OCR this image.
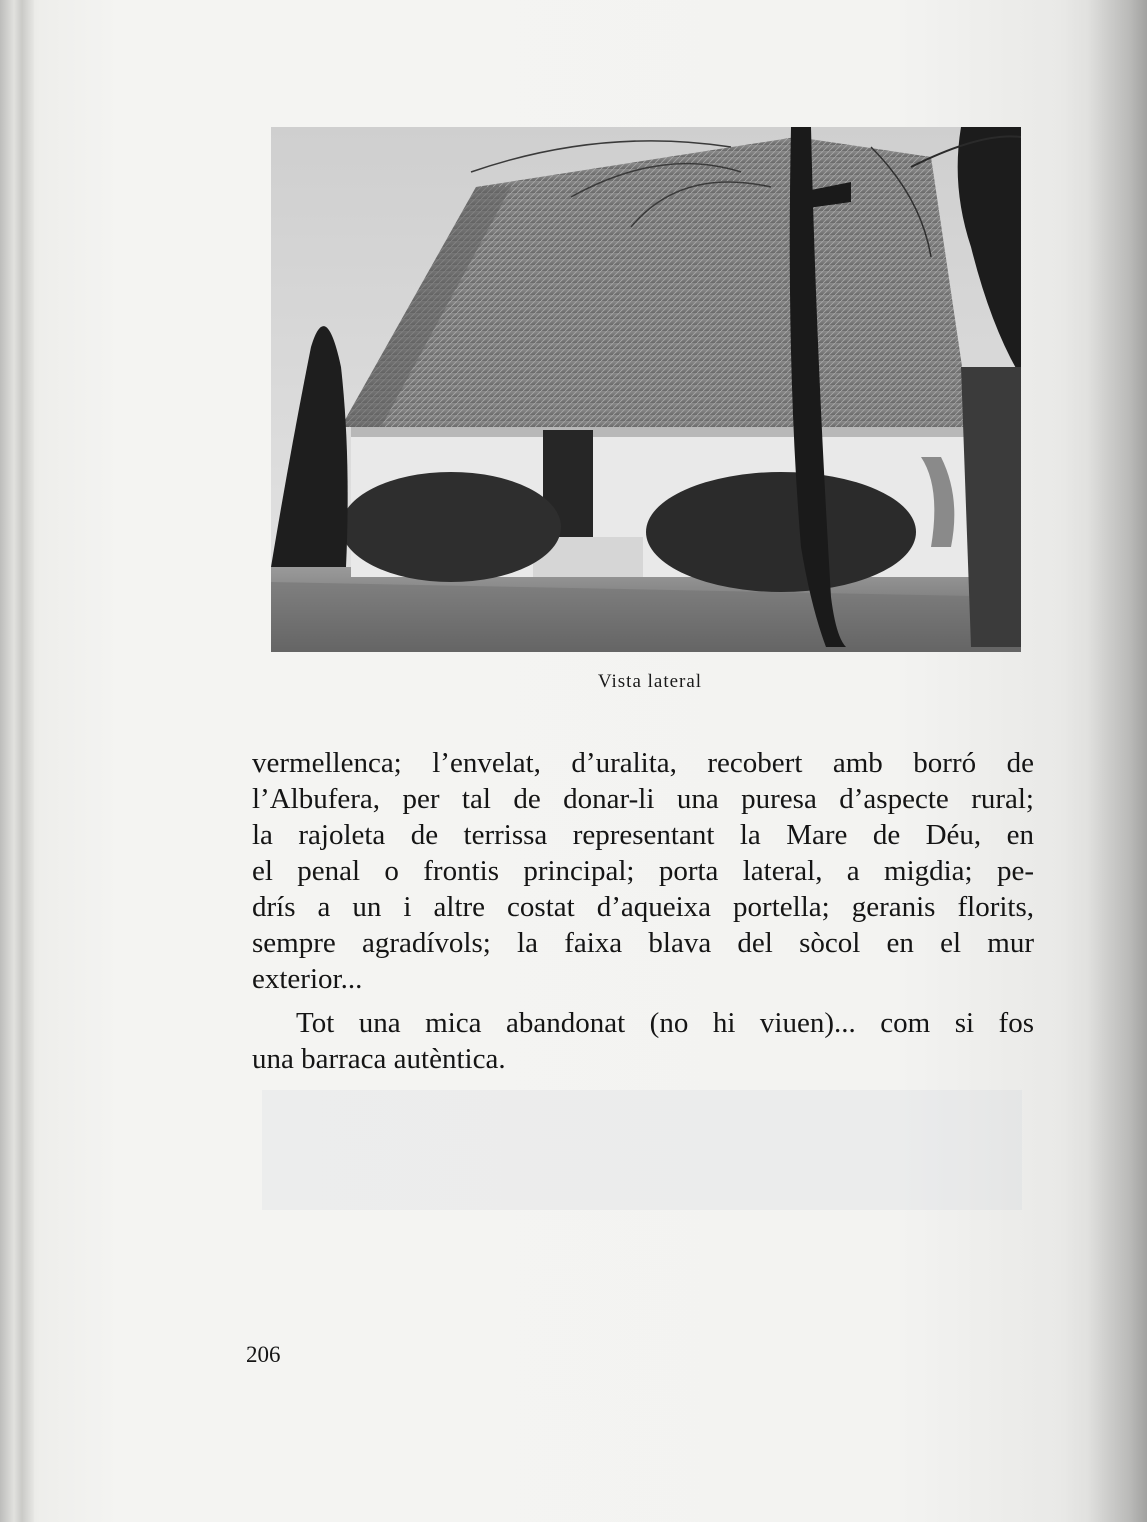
Vista lateral
vermellenca; l’envelat, d’uralita, recobert amb borró de
l’Albufera, per tal de donar-li una puresa d’aspecte rural;
la rajoleta de terrissa representant la Mare de Déu, en
el penal o frontis principal; porta lateral, a migdia; pe-
drís a un i altre costat d’aqueixa portella; geranis florits,
sempre agradívols; la faixa blava del sòcol en el mur
exterior...
Tot una mica abandonat (no hi viuen)... com si fos
una barraca autèntica.
206
